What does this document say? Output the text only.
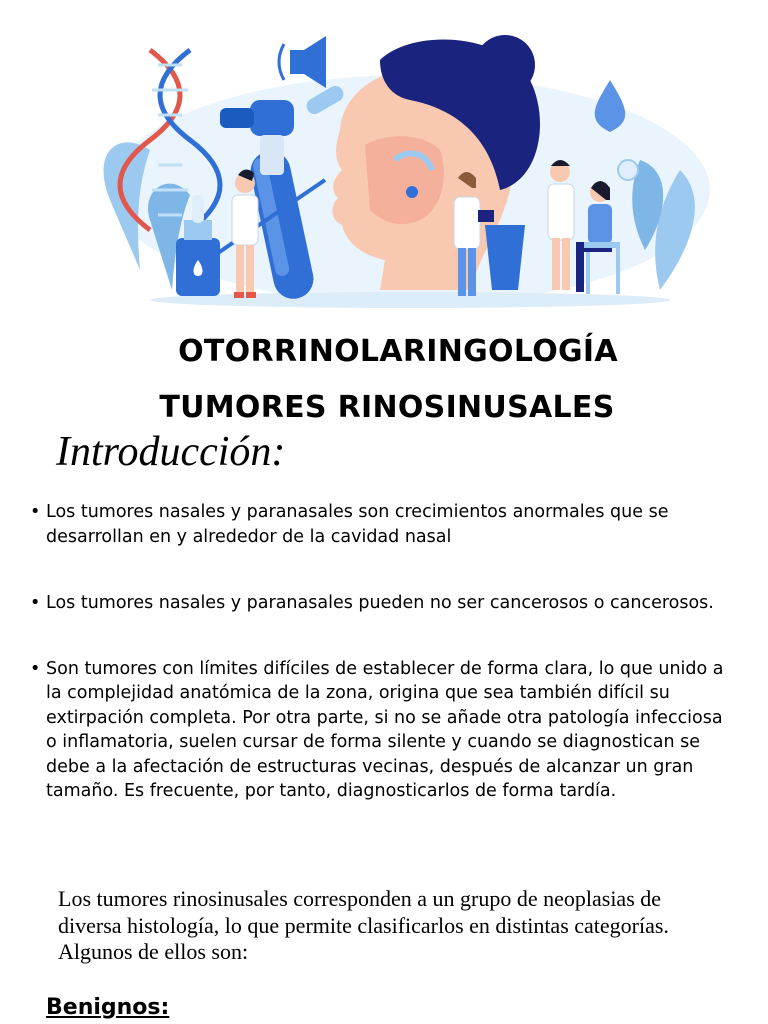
OTORRINOLARINGOLOGÍA
TUMORES RINOSINUSALES
Introducción:
• Los tumores nasales y paranasales son crecimientos anormales que se desarrollan en y alrededor de la cavidad nasal
• Los tumores nasales y paranasales pueden no ser cancerosos o cancerosos.
• Son tumores con límites difíciles de establecer de forma clara, lo que unido a la complejidad anatómica de la zona, origina que sea también difícil su extirpación completa. Por otra parte, si no se añade otra patología infecciosa o inflamatoria, suelen cursar de forma silente y cuando se diagnostican se debe a la afectación de estructuras vecinas, después de alcanzar un gran tamaño. Es frecuente, por tanto, diagnosticarlos de forma tardía.
Los tumores rinosinusales corresponden a un grupo de neoplasias de diversa histología, lo que permite clasificarlos en distintas categorías. Algunos de ellos son:
Benignos:
